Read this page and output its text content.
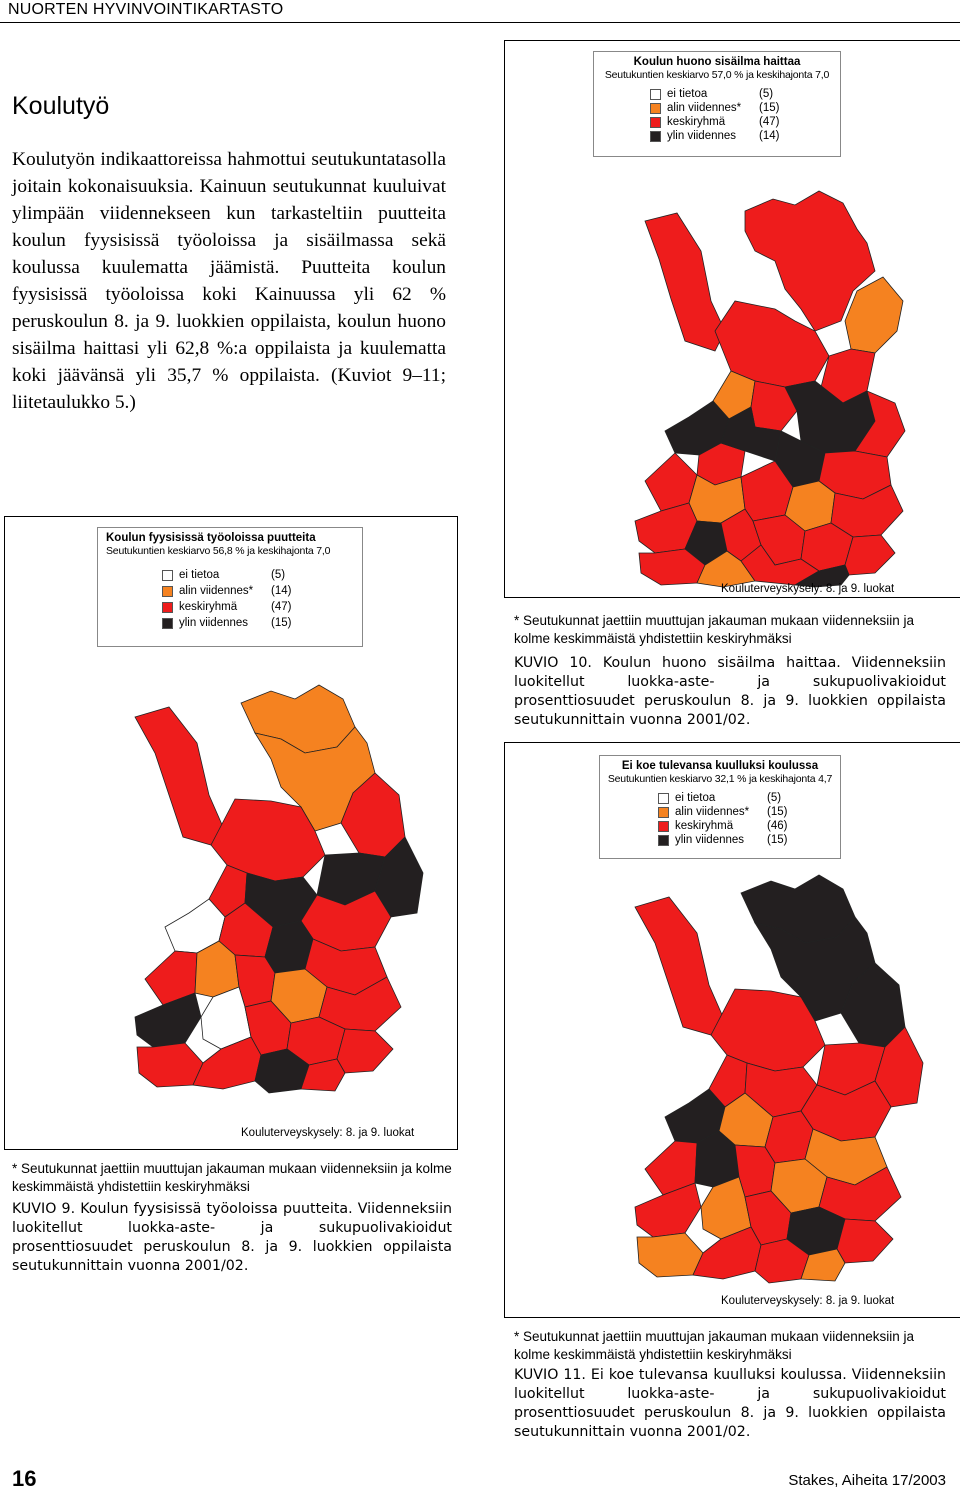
NUORTEN HYVINVOINTIKARTASTO
Koulutyö
Koulutyön indikaattoreissa hahmottui seutukuntatasolla joitain kokonaisuuksia. Kainuun seutukunnat kuuluivat ylimpään viidennekseen kun tarkasteltiin puutteita koulun fyysisissä työoloissa ja sisäilmassa sekä koulussa kuulematta jäämistä. Puutteita koulun fyysisissä työoloissa koki Kainuussa yli 62 % peruskoulun 8. ja 9. luokkien oppilaista, koulun huono sisäilma haittasi yli 62,8 %:a oppilaista ja kuulematta koki jäävänsä yli 35,7 % oppilaista. (Kuviot 9–11; liitetaulukko 5.)
Koulun huono sisäilma haittaa
Seutukuntien keskiarvo 57,0 % ja keskihajonta 7,0
ei tietoa	(5)
alin viidennes*	(15)
keskiryhmä	(47)
ylin viidennes	(14)
Kouluterveyskysely: 8. ja 9. luokat
* Seutukunnat jaettiin muuttujan jakauman mukaan viidenneksiin ja kolme keskimmäistä yhdistettiin keskiryhmäksi
KUVIO 10. Koulun huono sisäilma haittaa. Viidenneksiin luokitellut luokka-aste- ja sukupuolivakioidut prosenttiosuudet peruskoulun 8. ja 9. luokkien oppilaista seutukunnittain vuonna 2001/02.
Koulun fyysisissä työoloissa puutteita
Seutukuntien keskiarvo 56,8 % ja keskihajonta 7,0
ei tietoa	(5)
alin viidennes*	(14)
keskiryhmä	(47)
ylin viidennes	(15)
Kouluterveyskysely: 8. ja 9. luokat
* Seutukunnat jaettiin muuttujan jakauman mukaan viidenneksiin ja kolme keskimmäistä yhdistettiin keskiryhmäksi
KUVIO 9. Koulun fyysisissä työoloissa puutteita. Viidenneksiin luokitellut luokka-aste- ja sukupuolivakioidut prosenttiosuudet peruskoulun 8. ja 9. luokkien oppilaista seutukunnittain vuonna 2001/02.
Ei koe tulevansa kuulluksi koulussa
Seutukuntien keskiarvo 32,1 % ja keskihajonta 4,7
ei tietoa	(5)
alin viidennes*	(15)
keskiryhmä	(46)
ylin viidennes	(15)
Kouluterveyskysely: 8. ja 9. luokat
* Seutukunnat jaettiin muuttujan jakauman mukaan viidenneksiin ja kolme keskimmäistä yhdistettiin keskiryhmäksi
KUVIO 11. Ei koe tulevansa kuulluksi koulussa. Viidenneksiin luokitellut luokka-aste- ja sukupuolivakioidut prosenttiosuudet peruskoulun 8. ja 9. luokkien oppilaista seutukunnittain vuonna 2001/02.
16	Stakes, Aiheita 17/2003
